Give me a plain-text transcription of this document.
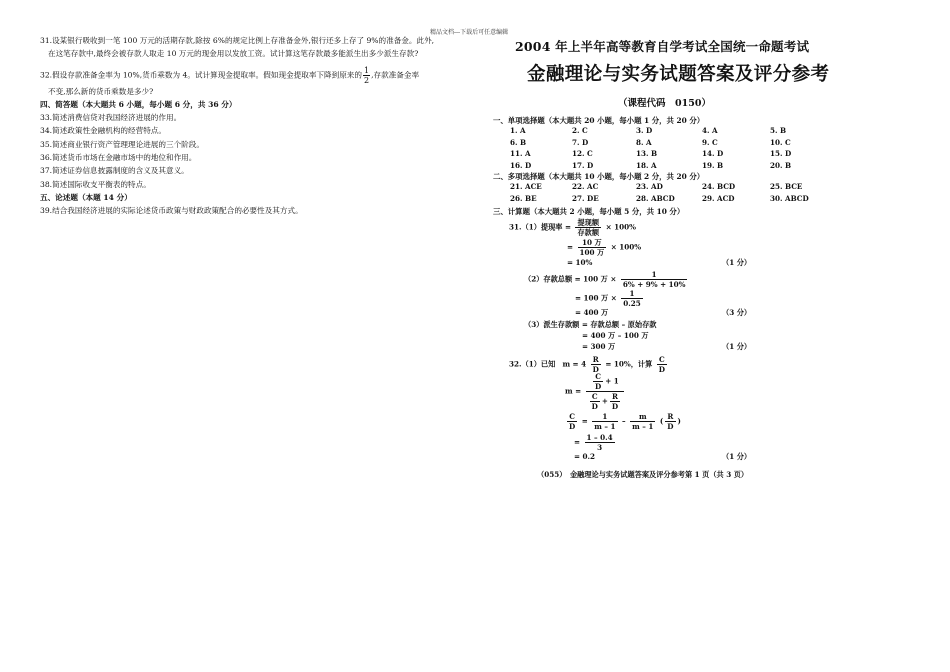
精品文档---下载后可任意编辑
31.设某银行吸收到一笔 100 万元的活期存款,除按 6%的规定比例上存准备金外,银行还多上存了 9%的准备金。此外,
在这笔存款中,最终会被存款人取走 10 万元的现金用以发放工资。试计算这笔存款最多能派生出多少派生存款?
32.假设存款准备金率为 10%,货币乘数为 4。试计算现金提取率。假如现金提取率下降到原来的 $\frac{1}{2}$ ,存款准备金率
不变,那么新的货币乘数是多少?
四、简答题（本大题共 6 小题，每小题 6 分，共 36 分）
33.简述消费信贷对我国经济进展的作用。
34.简述政策性金融机构的经营特点。
35.简述商业银行资产管理理论进展的三个阶段。
36.简述货币市场在金融市场中的地位和作用。
37.简述证券信息披露制度的含义及其意义。
38.简述国际收支平衡表的特点。
五、论述题（本题 14 分）
39.结合我国经济进展的实际论述货币政策与财政政策配合的必要性及其方式。
2004 年上半年高等教育自学考试全国统一命题考试
金融理论与实务试题答案及评分参考
（课程代码　0150）
一、单项选择题（本大题共 20 小题，每小题 1 分，共 20 分）
1. A	2. C	3. D	4. A	5. B
6. B	7. D	8. A	9. C	10. C
11. A	12. C	13. B	14. D	15. D
16. D	17. D	18. A	19. B	20. B
二、多项选择题（本大题共 10 小题，每小题 2 分，共 20 分）
21. ACE	22. AC	23. AD	24. BCD	25. BCE
26. BE	27. DE	28. ABCD	29. ACD	30. ABCD
三、计算题（本大题共 2 小题，每小题 5 分，共 10 分）
31.（1）提现率 = 提现额
存款额
× 100%
=	10 万
100 万
× 100%
= 10%	（1 分）
（2）存款总额 = 100 万 × $\frac{1}{6\% + 9\% + 10\%}$
= 100 万 × $\frac{1}{0.25}$
= 400 万	（3 分）
（3）派生存款额 = 存款总额 – 原始存款
= 400 万 – 100 万
= 300 万	（1 分）
32.（1）已知　$m = 4 \frac{R}{D} = 10\%$，计算 $\frac{C}{D}$
$m = \frac{\frac{C}{D} + 1}{\frac{C}{D} + \frac{R}{D}}$
$\frac{C}{D} = \frac{1}{m - 1} - \frac{m}{m - 1}$ ( $\frac{R}{D}$ )
= $\frac{1 - 0.4}{3}$
= 0.2	（1 分）
（055）　金融理论与实务试题答案及评分参考第 1 页（共 3 页）
